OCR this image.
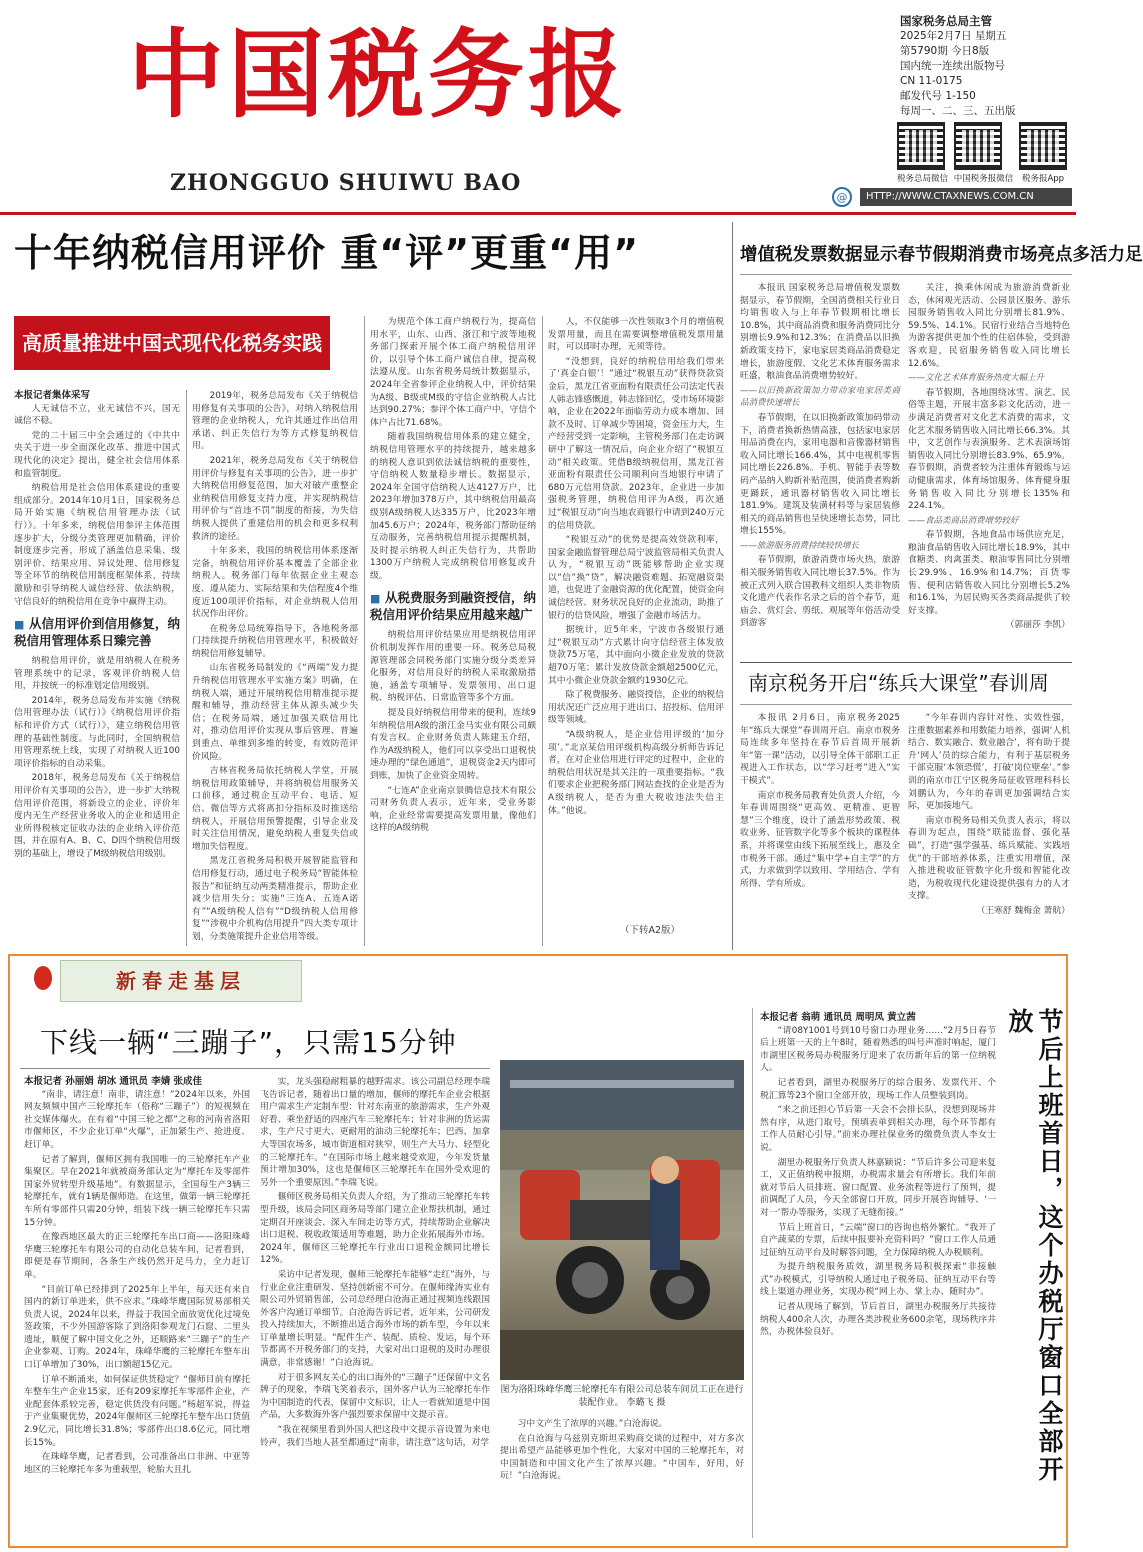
中国税务报
ZHONGGUO SHUIWU BAO
国家税务总局主管
2025年2月7日 星期五
第5790期 今日8版
国内统一连续出版物号
CN 11-0175
邮发代号 1-150
每周一、二、三、五出版
税务总局微信 中国税务报微信	税务报App
@	HTTP://WWW.CTAXNEWS.COM.CN
十年纳税信用评价 重“评”更重“用”
高质量推进中国式现代化税务实践
本报记者集体采写

人无诚信不立，业无诚信不兴，国无诚信不稳。

党的二十届三中全会通过的《中共中央关于进一步全面深化改革、推进中国式现代化的决定》提出，健全社会信用体系和监管制度。

纳税信用是社会信用体系建设的重要组成部分。2014年10月1日，国家税务总局开始实施《纳税信用管理办法（试行）》。十年多来，纳税信用参评主体范围逐步扩大，分级分类管理更加精确，评价制度逐步完善，形成了涵盖信息采集、级别评价、结果应用、异议处理、信用修复等全环节的纳税信用制度框架体系，持续激励和引导纳税人诚信经营、依法纳税，守信良好的纳税信用在竞争中赢得主动。

■ 从信用评价到信用修复，纳税信用管理体系日臻完善

纳税信用评价，就是用纳税人在税务管理系统中的记录，客观评价纳税人信用，并按统一的标准划定信用级别。

2014年，税务总局发布并实施《纳税信用管理办法（试行）》《纳税信用评价指标和评价方式（试行）》，建立纳税信用管理的基础性制度。与此同时，全国纳税信用管理系统上线，实现了对纳税人近100项评价指标的自动采集。

2018年，税务总局发布《关于纳税信用评价有关事项的公告》，进一步扩大纳税信用评价范围，将新设立的企业、评价年度内无生产经营业务收入的企业和适用企业所得税核定征收办法的企业纳入评价范围，并在原有A、B、C、D四个纳税信用级别的基础上，增设了M级纳税信用级别。

2019年，税务总局发布《关于纳税信用修复有关事项的公告》，对纳入纳税信用管理的企业纳税人，允许其通过作出信用承诺、纠正失信行为等方式修复纳税信用。

2021年，税务总局发布《关于纳税信用评价与修复有关事项的公告》，进一步扩大纳税信用修复范围，加大对破产重整企业纳税信用修复支持力度，并实现纳税信用评价与“首违不罚”制度的衔接，为失信纳税人提供了重建信用的机会和更多权利救济的途径。

十年多来，我国的纳税信用体系逐渐完备，纳税信用评价基本覆盖了全部企业纳税人。税务部门每年依据企业主观态度、遵从能力、实际结果和失信程度4个维度近100项评价指标，对企业纳税人信用状况作出评价。

在税务总局统筹指导下，各地税务部门持续提升纳税信用管理水平，积极做好纳税信用修复辅导。

山东省税务局制发的《“两端”发力提升纳税信用管理水平实施方案》明确，在纳税人端，通过开展纳税信用精准提示提醒和辅导，推动经营主体从源头减少失信；在税务局端，通过加强关联信用比对，推动信用评价实现从事后管理、普遍到重点、单维到多维的转变，有效防范评价风险。

吉林省税务局依托纳税人学堂，开展纳税信用政策辅导，并将纳税信用服务关口前移，通过税企互动平台、电话、短信、微信等方式将离扣分指标及时推送给纳税人，开展信用预警提醒，引导企业及时关注信用情况，避免纳税人重复失信或增加失信程度。

黑龙江省税务局积极开展智能监管和信用修复行动，通过电子税务局“智能体检报告”和征纳互动两类精准提示，帮助企业减少信用失分；实施“三连A、五连A诺有”“A级纳税人信有”“D级纳税人信用修复”“涉税中介机构信用提升”四大类专项计划，分类施策提升企业信用等级。

为规范个体工商户纳税行为，提高信用水平，山东、山西、浙江和宁波等地税务部门探索开展个体工商户纳税信用评价，以引导个体工商户诚信自律，提高税法遵从度。山东省税务局统计数据显示，2024年全省参评企业纳税人中，评价结果为A级、B级或M级的守信企业纳税人占比达到90.27%；参评个体工商户中，守信个体户占比71.68%。

随着我国纳税信用体系的建立健全，纳税信用管理水平的持续提升，越来越多的纳税人意识到依法诚信纳税的重要性，守信纳税人数量稳步增长。数据显示，2024年全国守信纳税人达4127万户，比2023年增加378万户，其中纳税信用最高级别A级纳税人达335万户，比2023年增加45.6万户；2024年，税务部门帮助征纳互动服务，完善纳税信用提示提醒机制，及时提示纳税人纠正失信行为，共帮助1300万户纳税人完成纳税信用修复或升级。

■ 从税费服务到融资授信，纳税信用评价结果应用越来越广

纳税信用评价结果应用是纳税信用评价机制发挥作用的重要一环。税务总局税源管理部会同税务部门实施分级分类差异化服务，对信用良好的纳税人采取激励措施，涵盖专项辅导、发票领用、出口退税、纳税评估、日常监管等多个方面。

提及良好纳税信用带来的便利，连续9年纳税信用A级的浙江金马实业有限公司颇有发言权。企业财务负责人陈建玉介绍，作为A级纳税人，他们可以享受出口退税快速办理的“绿色通道”，退税资金2天内即可到账，加快了企业资金周转。

“七连A”企业南京景腾信息技术有限公司财务负责人表示，近年来，受业务影响，企业经常需要提高发票用量，像他们这样的A级纳税

人，不仅能够一次性领取3个月的增值税发票用量，而且在需要调整增值税发票用量时，可以即时办理，无须等待。

“没想到，良好的纳税信用给我们带来了‘真金白银’！”通过“税银互动”获得贷款资金后，黑龙江省亚面粉有限责任公司法定代表人韩志锋感慨道，韩志锋回忆，受市场环境影响，企业在2022年面临劳动力成本增加、回款不及时、订单减少等困境，资金压力大，生产经营受到一定影响，主管税务部门在走访调研中了解这一情况后，向企业介绍了“税银互动”相关政策。凭借B级纳税信用，黑龙江省亚面粉有限责任公司顺利向当地银行申请了680万元信用贷款。2023年，企业进一步加强税务管理，纳税信用评为A级，再次通过“税银互动”向当地农商银行申请到240万元的信用贷款。

“税银互动”的优势是提高效贷款利率，国家金融监督管理总局宁波监管局相关负责人认为，“税银互动”既能够帮助企业实现以“信”换“贷”，解决融资难题、拓宽融资渠道，也促进了金融资源的优化配置，使资金向诚信经营、财务状况良好的企业流动，助推了银行的信贷风险，增强了金融市场活力。

据统计，近5年来，宁波市各级银行通过“税银互动”方式累计向守信经营主体发放贷款75万笔，其中面向小微企业发放的贷款超70万笔；累计发放贷款金额超2500亿元，其中小微企业贷款金额约1930亿元。

除了税费服务、融资授信，企业的纳税信用状况还广泛应用于进出口、招投标、信用评级等领域。

“A级纳税人，是企业信用评级的‘加分项’。”北京某信用评级机构高级分析师告诉记者，在对企业信用进行评定的过程中，企业的纳税信用状况是其关注的一项重要指标。“我们要求企业把税务部门网站查找的企业是否为A级纳税人，是否为重大税收违法失信主体。”他说。

（下转A2版）
增值税发票数据显示春节假期消费市场亮点多活力足

本报讯 国家税务总局增值税发票数据显示，春节假期，全国消费相关行业日均销售收入与上年春节假期相比增长10.8%，其中商品消费和服务消费同比分别增长9.9%和12.3%；在消费品以旧换新政策支持下，家电家居类商品消费稳定增长，旅游度假、文化艺术体育服务需求旺盛，粮油食品消费增势较好。

——以旧换新政策加力带动家电家居类商品消费快速增长

春节假期，在以旧换新政策加码带动下，消费者换新热情高涨，包括家电家居用品消费在内，家用电器和音像器材销售收入同比增长166.4%，其中电视机零售同比增长226.8%。手机、智能手表等数码产品纳入购新补贴范围，使消费者购新更踊跃，通讯器材销售收入同比增长181.9%。建筑及装潢材料等与家居装修相关的商品销售也呈快速增长态势，同比增长155%。

——旅游服务消费持续较快增长

春节假期，旅游消费市场火热，旅游相关服务销售收入同比增长37.5%。作为被正式列入联合国教科文组织人类非物质文化遗产代表作名录之后的首个春节，逛庙会、赏灯会、剪纸、观展等年俗活动受到游客

关注，换乘休闲成为旅游消费新业态，休闲观光活动、公园景区服务、游乐园服务销售收入同比分别增长81.9%、59.5%、14.1%。民宿行业结合当地特色为游客提供更加个性的住宿体验，受到游客欢迎，民宿服务销售收入同比增长12.6%。

——文化艺术体育服务热度大幅上升

春节假期，各地围绕冰雪、演艺、民俗等主题，开展丰富多彩文化活动，进一步满足消费者对文化艺术消费的需求，文化艺术服务销售收入同比增长66.3%。其中，文艺创作与表演服务、艺术表演场馆销售收入同比分别增长83.9%、65.9%。春节假期，消费者较为注重体育锻炼与运动健康需求，体育场馆服务、体育健身服务销售收入同比分别增长135%和224.1%。

——食品类商品消费增势较好

春节假期，各地食品市场供应充足，粮油食品销售收入同比增长18.9%，其中食糖类、肉禽蛋类、粮油零售同比分别增长29.9%、16.9%和14.7%；百货零售、便利店销售收入同比分别增长5.2%和16.1%，为居民购买各类商品提供了较好支撑。

（郭丽莎 李凯）
南京税务开启“练兵大课堂”春训周

本报讯 2月6日，南京税务2025年“练兵大课堂”春训周开启。南京市税务局连续多年坚持在春节后首周开展新年“第一课”活动，以引导全体干部职工正视进入工作状态，以“学习赶考”进入“实干模式”。

南京市税务局教育处负责人介绍，今年春训周围绕“更高效、更精准、更智慧”三个维度，设计了涵盖形势政策、税收业务、征管数字化等多个板块的课程体系，并将课堂由线下拓展至线上，惠及全市税务干部。通过“集中学+自主学”的方式，力求做到学以致用、学用结合、学有所得、学有所成。

“今年春训内容针对性、实效性强，注重数据素养和用数能力培养，强调‘人机结合、数实融合、数业融合’，将有助于提升‘网人’员的综合能力，有利于基层税务干部克服‘本领恐慌’，打破‘岗位壁垒’。”参训的南京市江宁区税务局征收管理科科长刘鹏认为，今年的春训更加强调结合实际，更加接地气。

南京市税务局相关负责人表示，将以春训为起点，围绕“联能监督、强化基础”，打造“强学强基、练兵赋能、实践培优”的干部培养体系，注重实用增值，深入推进税收征管数字化升级和智能化改造，为税收现代化建设提供强有力的人才支撑。

（王寒舒 魏梅金 萧航）
新春走基层
下线一辆“三蹦子”，只需15分钟
本报记者 孙丽娟 胡冰 通讯员 李婧 张成佳

“南非，请注意！南非，请注意！”2024年以来，外国网友频频中国产三轮摩托车（俗称“三蹦子”）的短视频在社交媒体爆火。在有着“中国三轮之都”之称的河南省洛阳市偃师区，不少企业订单“火爆”，正加紧生产、抢进度、赶订单。

记者了解到，偃师区拥有我国唯一的三轮摩托车产业集聚区。早在2021年就被商务部认定为“摩托车及零部件国家外贸转型升级基地”。有数据显示，全国每生产3辆三轮摩托车，就有1辆是偃师造。在这里，做第一辆三轮摩托车所有零部件只需20分钟，组装下线一辆三轮摩托车只需15分钟。

在豫西地区最大的正三轮摩托车出口商——洛阳珠峰华鹰三轮摩托车有限公司的自动化总装车间，记者看到，即便是春节期间，各条生产线仍然开足马力，全力赶订单。

“目前订单已经排到了2025年上半年，每天还有来自国内的新订单进来，供不应求。”珠峰华鹰国际贸易部相关负责人说，2024年以来，得益于我国全面放宽优化过境免签政策，不少外国游客除了到洛阳参观龙门石窟、二里头遗址，顺便了解中国文化之外，还顺路来“三蹦子”的生产企业参观、订购。2024年，珠峰华鹰的三轮摩托车整车出口订单增加了30%，出口额超15亿元。

订单不断涌来，如何保证供货稳定？“偃师目前有摩托车整车生产企业15家，还有209家摩托车零部件企业，产业配套体系较完善，稳定供货没有问题。”杨超军说，得益于产业集聚优势，2024年偃师区三轮摩托车整车出口货值2.9亿元，同比增长31.8%；零部件出口8.6亿元，同比增长15%。

在珠峰华鹰，记者看到，公司准备出口非洲、中亚等地区的三轮摩托车多为重载型，轮胎大且扎

实，龙头强稳耐粗暴的越野需求。该公司副总经理李瑞飞告诉记者，随着出口量的增加，偃师的摩托车企业会根据用户需求生产定制车型：针对东南亚的旅游需求，生产外观好看、乘坐舒适的四座汽车三轮摩托车；针对非洲的货运需求，生产尺寸更大、更耐用的油动三轮摩托车；巴西、加拿大等国农场多，城市街道相对狭窄，则生产大马力、轻型化的三轮摩托车。“在国际市场上越来越受欢迎，今年发货量预计增加30%，这也是偃师区三轮摩托车在国外受欢迎的另外一个重要原因。”李瑞飞说。

偃师区税务局相关负责人介绍，为了推动三轮摩托车转型升级，该局会同区商务局等部门建立企业帮扶机制，通过定期召开座谈会、深入车间走访等方式，持续帮助企业解决出口退税、税收政策适用等难题，助力企业拓展海外市场。2024年，偃师区三轮摩托车行业出口退税金额同比增长12%。

采访中记者发现，偃师三轮摩托车能够“走红”海外，与行业企业注重研发、坚持创新密不可分。在偃师缘涛实业有限公司外贸销售部，公司总经理白沧海正通过视频连线跟国外客户沟通订单细节。白沧海告诉记者，近年来，公司研发投入持续加大，不断推出适合海外市场的新车型，今年以来订单量增长明显。“配件生产、装配、质检、发运，每个环节都离不开税务部门的支持，大家对出口退税的及时办理很满意，非常感谢！”白沧海说。

对于很多网友关心的出口海外的“三蹦子”还保留中文名牌子的现象，李瑞飞笑着表示，国外客户认为三轮摩托车作为中国制造的代表，保留中文标识，让人一看就知道是中国产品，大多数海外客户强烈要求保留中文提示音。

“我在视频里看到外国人把这段中文提示音设置为来电铃声，我们当地人甚至都通过“南非，请注意”这句话，对学

图为洛阳珠峰华鹰三轮摩托车有限公司总装车间员工正在进行装配作业。 李璐飞 摄

习中文产生了浓厚的兴趣。”白沧海说。

在白沧海与乌兹别克斯坦采购商交谈的过程中，对方多次提出希望产品能够更加个性化，大家对中国的三轮摩托车，对中国制造和中国文化产生了浓厚兴趣。“中国车，好用，好玩！”白沧海说。

本报记者 翁萌 通讯员 周明凤 黄立茜

“请08Y1001号到10号窗口办理业务……”2月5日春节后上班第一天的上午8时，随着熟悉的叫号声准时响起，厦门市湖里区税务局办税服务厅迎来了农历新年后的第一位纳税人。

记者看到，湖里办税服务厅的综合服务、发票代开、个税汇算等23个窗口全部开放，现场工作人员整装到岗。

“来之前还担心节后第一天会不会排长队，没想到现场井然有序，从进门取号，预填表单到相关办理，每个环节都有工作人员耐心引导。”前来办理社保业务的缴费负责人李女士说。

湖里办税服务厅负责人林嘉颖说：“节后许多公司迎来复工，又正值纳税申报期，办税需求量会有所增长。我们年前就对节后人员排班、窗口配置、业务流程等进行了预判，提前调配了人员，今天全部窗口开放，同步开展咨询辅导、‘一对一’帮办等服务，实现了无缝衔接。”

节后上班首日，“云端”窗口的咨询也格外繁忙。“我开了自产蔬菜的专票，后续申报要补充资料吗？”窗口工作人员通过征纳互动平台及时解答问题，全力保障纳税人办税顺利。

为提升纳税服务质效，湖里税务局积极探索“非接触式”办税模式，引导纳税人通过电子税务局、征纳互动平台等线上渠道办理业务，实现办税“网上办、掌上办、随时办”。

记者从现场了解到，节后首日，湖里办税服务厅共接待纳税人400余人次，办理各类涉税业务600余笔，现场秩序井然，办税体验良好。	节后上班首日，这个办税厅窗口全部开放
